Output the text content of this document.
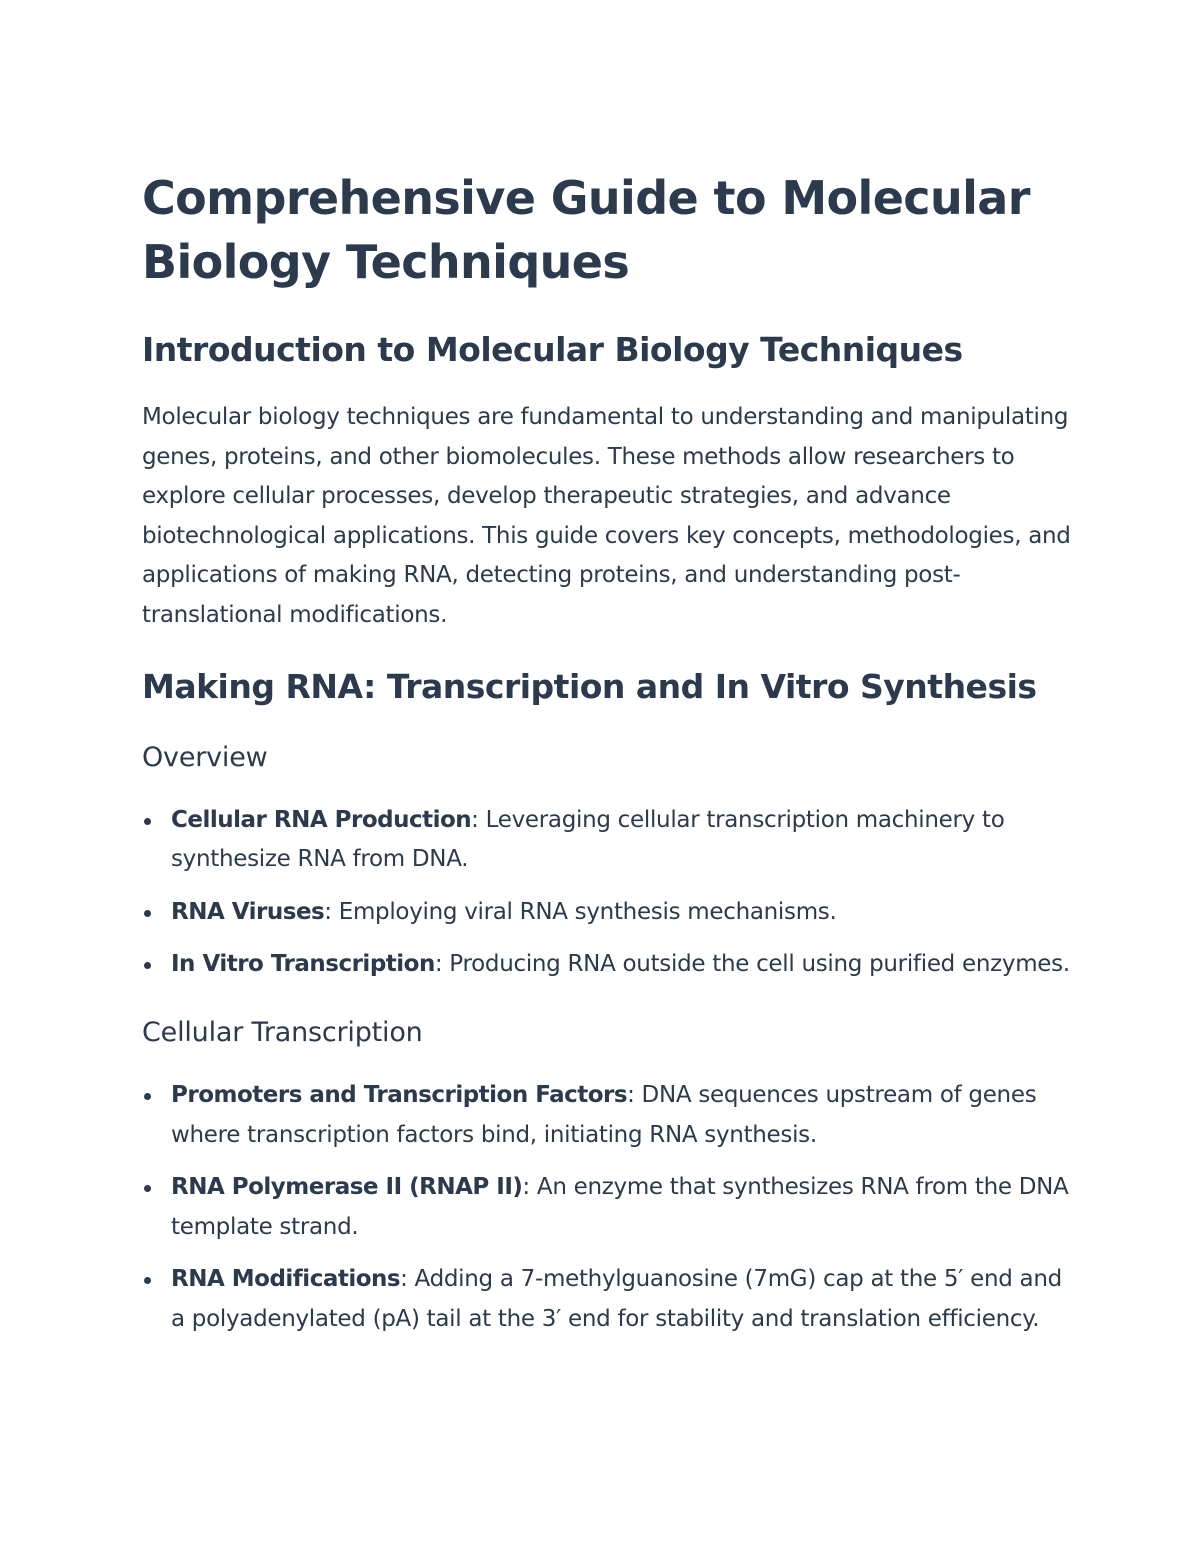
Comprehensive Guide to Molecular Biology Techniques
Introduction to Molecular Biology Techniques

Molecular biology techniques are fundamental to understanding and manipulating genes, proteins, and other biomolecules. These methods allow researchers to explore cellular processes, develop therapeutic strategies, and advance biotechnological applications. This guide covers key concepts, methodologies, and applications of making RNA, detecting proteins, and understanding post-translational modifications.

Making RNA: Transcription and In Vitro Synthesis
Overview
Cellular RNA Production: Leveraging cellular transcription machinery to synthesize RNA from DNA.
RNA Viruses: Employing viral RNA synthesis mechanisms.
In Vitro Transcription: Producing RNA outside the cell using purified enzymes.
Cellular Transcription
Promoters and Transcription Factors: DNA sequences upstream of genes where transcription factors bind, initiating RNA synthesis.
RNA Polymerase II (RNAP II): An enzyme that synthesizes RNA from the DNA template strand.
RNA Modifications: Adding a 7-methylguanosine (7mG) cap at the 5′ end and a polyadenylated (pA) tail at the 3′ end for stability and translation efficiency.
